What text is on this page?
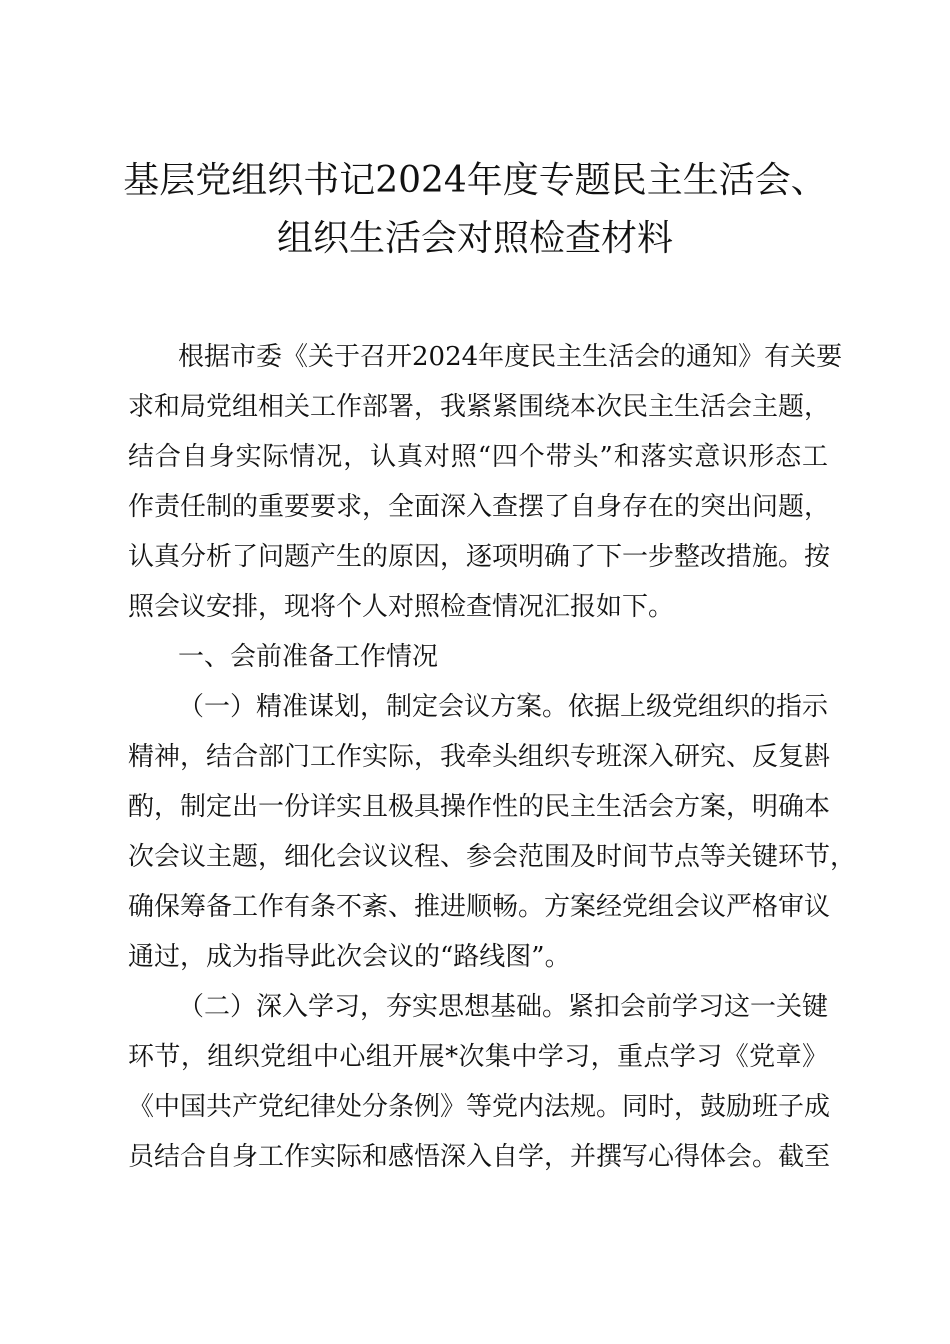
基层党组织书记2024年度专题民主生活会、
组织生活会对照检查材料
根据市委《关于召开2024年度民主生活会的通知》有关要
求和局党组相关工作部署，我紧紧围绕本次民主生活会主题，
结合自身实际情况，认真对照“四个带头”和落实意识形态工
作责任制的重要要求，全面深入查摆了自身存在的突出问题，
认真分析了问题产生的原因，逐项明确了下一步整改措施。按
照会议安排，现将个人对照检查情况汇报如下。
一、会前准备工作情况
（一）精准谋划，制定会议方案。依据上级党组织的指示
精神，结合部门工作实际，我牵头组织专班深入研究、反复斟
酌，制定出一份详实且极具操作性的民主生活会方案，明确本
次会议主题，细化会议议程、参会范围及时间节点等关键环节，
确保筹备工作有条不紊、推进顺畅。方案经党组会议严格审议
通过，成为指导此次会议的“路线图”。
（二）深入学习，夯实思想基础。紧扣会前学习这一关键
环节，组织党组中心组开展*次集中学习，重点学习《党章》
《中国共产党纪律处分条例》等党内法规。同时，鼓励班子成
员结合自身工作实际和感悟深入自学，并撰写心得体会。截至
